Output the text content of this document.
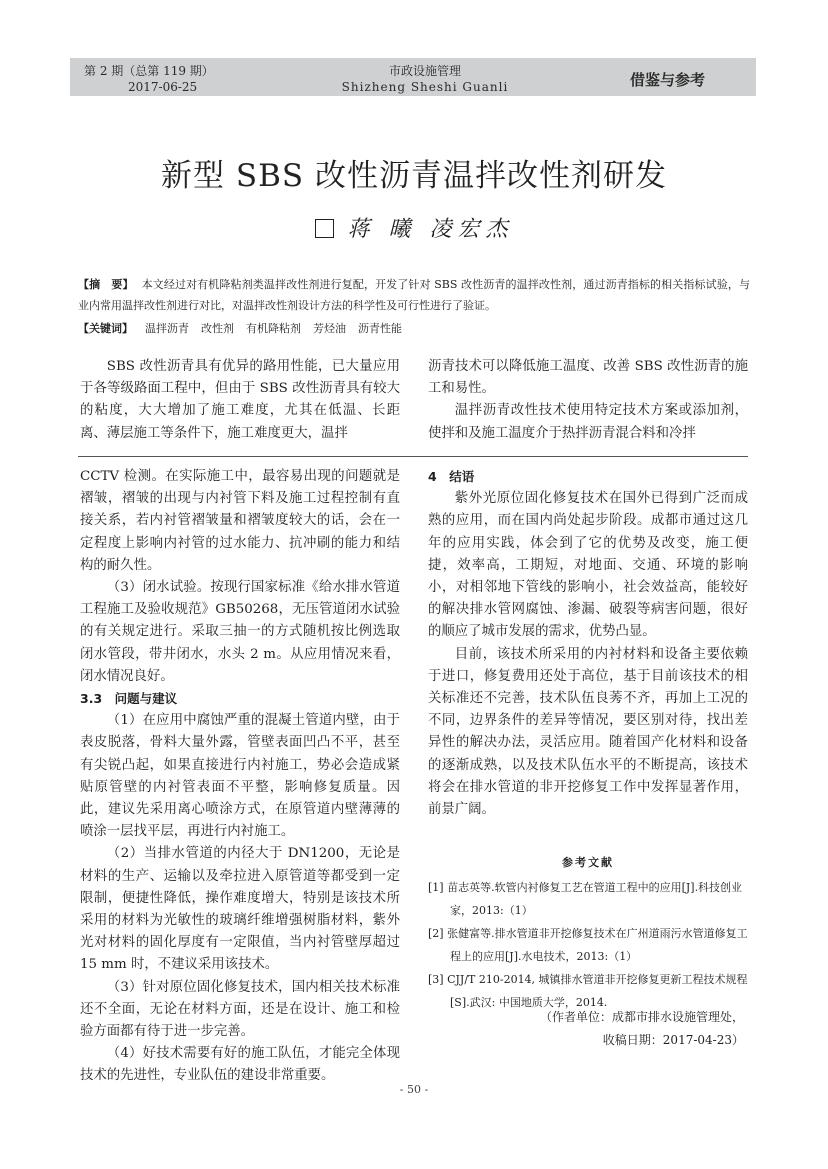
第 2 期（总第 119 期）
2017-06-25
市政设施管理
Shizheng Sheshi Guanli	借鉴与参考
新型 SBS 改性沥青温拌改性剂研发
蒋 曦 凌宏杰
【摘　要】 本文经过对有机降粘剂类温拌改性剂进行复配，开发了针对 SBS 改性沥青的温拌改性剂，通过沥青指标的相关指标试验，与业内常用温拌改性剂进行对比，对温拌改性剂设计方法的科学性及可行性进行了验证。
【关键词】 温拌沥青 改性剂 有机降粘剂 芳烃油 沥青性能

SBS 改性沥青具有优异的路用性能，已大量应用于各等级路面工程中，但由于 SBS 改性沥青具有较大的粘度，大大增加了施工难度，尤其在低温、长距离、薄层施工等条件下，施工难度更大，温拌

沥青技术可以降低施工温度、改善 SBS 改性沥青的施工和易性。

温拌沥青改性技术使用特定技术方案或添加剂，使拌和及施工温度介于热拌沥青混合料和冷拌

CCTV 检测。在实际施工中，最容易出现的问题就是褶皱，褶皱的出现与内衬管下料及施工过程控制有直接关系，若内衬管褶皱量和褶皱度较大的话，会在一定程度上影响内衬管的过水能力、抗冲刷的能力和结构的耐久性。

（3）闭水试验。按现行国家标准《给水排水管道工程施工及验收规范》GB50268，无压管道闭水试验的有关规定进行。采取三抽一的方式随机按比例选取闭水管段，带井闭水，水头 2 m。从应用情况来看，闭水情况良好。

3.3　问题与建议

（1）在应用中腐蚀严重的混凝土管道内壁，由于表皮脱落，骨料大量外露，管壁表面凹凸不平，甚至有尖锐凸起，如果直接进行内衬施工，势必会造成紧贴原管壁的内衬管表面不平整，影响修复质量。因此，建议先采用离心喷涂方式，在原管道内壁薄薄的喷涂一层找平层，再进行内衬施工。

（2）当排水管道的内径大于 DN1200，无论是材料的生产、运输以及牵拉进入原管道等都受到一定限制，便捷性降低，操作难度增大，特别是该技术所采用的材料为光敏性的玻璃纤维增强树脂材料，紫外光对材料的固化厚度有一定限值，当内衬管壁厚超过 15 mm 时，不建议采用该技术。

（3）针对原位固化修复技术，国内相关技术标准还不全面，无论在材料方面，还是在设计、施工和检验方面都有待于进一步完善。

（4）好技术需要有好的施工队伍，才能完全体现技术的先进性，专业队伍的建设非常重要。

4　结语

紫外光原位固化修复技术在国外已得到广泛而成熟的应用，而在国内尚处起步阶段。成都市通过这几年的应用实践，体会到了它的优势及改变，施工便捷，效率高，工期短，对地面、交通、环境的影响小，对相邻地下管线的影响小，社会效益高，能较好的解决排水管网腐蚀、渗漏、破裂等病害问题，很好的顺应了城市发展的需求，优势凸显。

目前，该技术所采用的内衬材料和设备主要依赖于进口，修复费用还处于高位，基于目前该技术的相关标准还不完善，技术队伍良莠不齐，再加上工况的不同，边界条件的差异等情况，要区别对待，找出差异性的解决办法，灵活应用。随着国产化材料和设备的逐渐成熟，以及技术队伍水平的不断提高，该技术将会在排水管道的非开挖修复工作中发挥显著作用，前景广阔。

参考文献
[1] 苗志英等.软管内衬修复工艺在管道工程中的应用[J].科技创业家，2013:（1）
[2] 张健富等.排水管道非开挖修复技术在广州道雨污水管道修复工程上的应用[J].水电技术，2013:（1）
[3] CJJ/T 210-2014, 城镇排水管道非开挖修复更新工程技术规程[S].武汉: 中国地质大学，2014.
（作者单位：成都市排水设施管理处，
收稿日期：2017-04-23）
- 50 -
